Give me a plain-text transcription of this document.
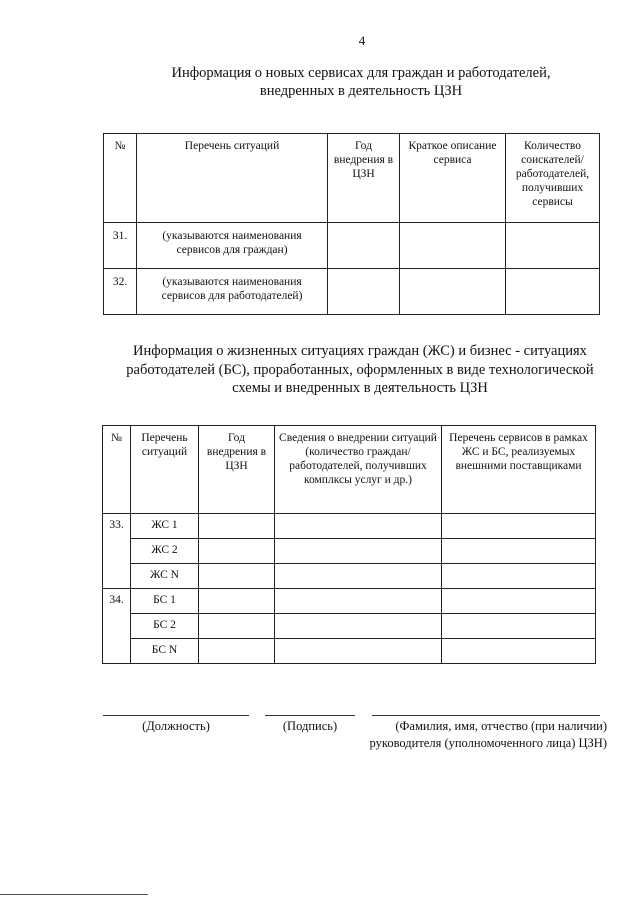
4
Информация о новых сервисах для граждан и работодателей,
внедренных в деятельность ЦЗН
№	Перечень ситуаций	Год внедрения в ЦЗН	Краткое описание сервиса	Количество соискателей/работодателей, получивших сервисы
31.	(указываются наименования сервисов для граждан)			
32.	(указываются наименования сервисов для работодателей)			
Информация о жизненных ситуациях граждан (ЖС) и бизнес - ситуациях
работодателей (БС), проработанных, оформленных в виде технологической
схемы и внедренных в деятельность ЦЗН
№	Перечень ситуаций	Год внедрения в ЦЗН	Сведения о внедрении ситуаций (количество граждан/работодателей, получивших комплксы услуг и др.)	Перечень сервисов в рамках ЖС и БС, реализуемых внешними поставщиками
33.	ЖС 1			
	ЖС 2			
	ЖС N			
34.	БС 1			
	БС 2			
	БС N			
(Должность)	(Подпись)	(Фамилия, имя, отчество (при наличии)
руководителя (уполномоченного лица) ЦЗН)
